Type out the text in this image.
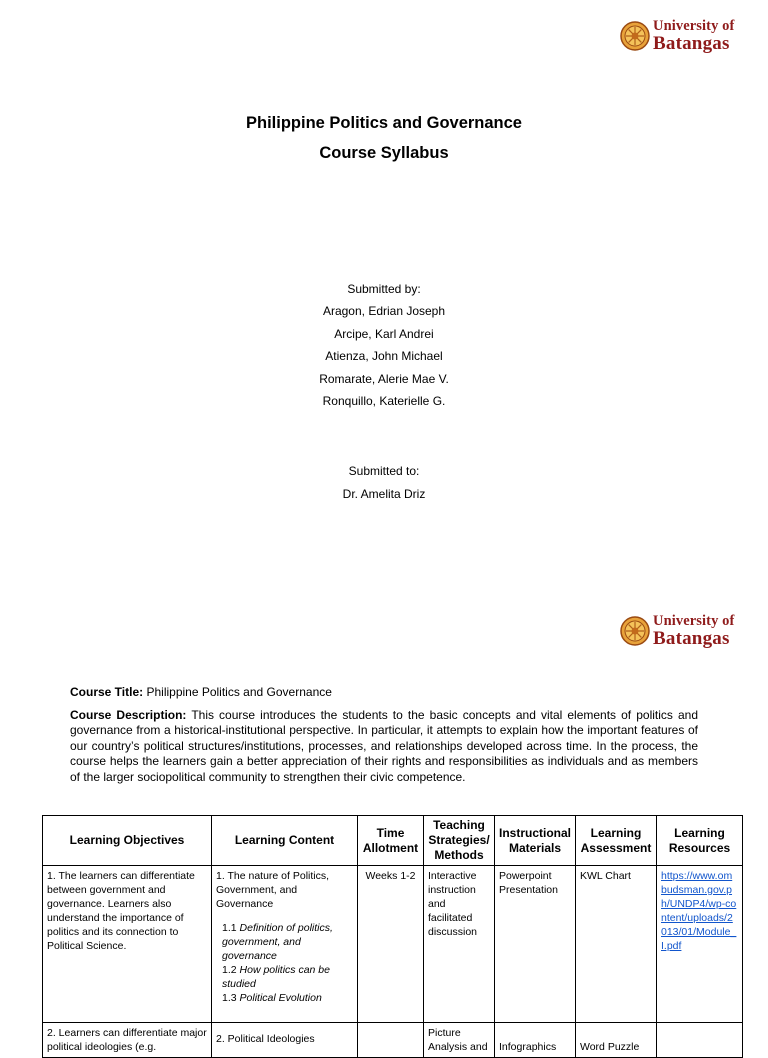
University of
Batangas
Philippine Politics and Governance
Course Syllabus
Submitted by:
Aragon, Edrian Joseph
Arcipe, Karl Andrei
Atienza, John Michael
Romarate, Alerie Mae V.
Ronquillo, Katerielle G.
Submitted to:
Dr. Amelita Driz
University of
Batangas
Course Title: Philippine Politics and Governance
Course Description: This course introduces the students to the basic concepts and vital elements of politics and governance from a historical-institutional perspective. In particular, it attempts to explain how the important features of our country’s political structures/institutions, processes, and relationships developed across time. In the process, the course helps the learners gain a better appreciation of their rights and responsibilities as individuals and as members of the larger sociopolitical community to strengthen their civic competence.
Learning Objectives	Learning Content	Time Allotment	Teaching Strategies/ Methods	Instructional Materials	Learning Assessment	Learning Resources
1. The learners can differentiate between government and governance. Learners also understand the importance of politics and its connection to Political Science.	1. The nature of Politics, Government, and Governance
1.1 Definition of politics, government, and governance
1.2 How politics can be studied
1.3 Political Evolution	Weeks 1-2	Interactive instruction and facilitated discussion	Powerpoint Presentation	KWL Chart	https://www.ombudsman.gov.ph/UNDP4/wp-content/uploads/2013/01/Module_I.pdf
2. Learners can differentiate major political ideologies (e.g.	2. Political Ideologies		Picture Analysis and	Infographics	Word Puzzle	
